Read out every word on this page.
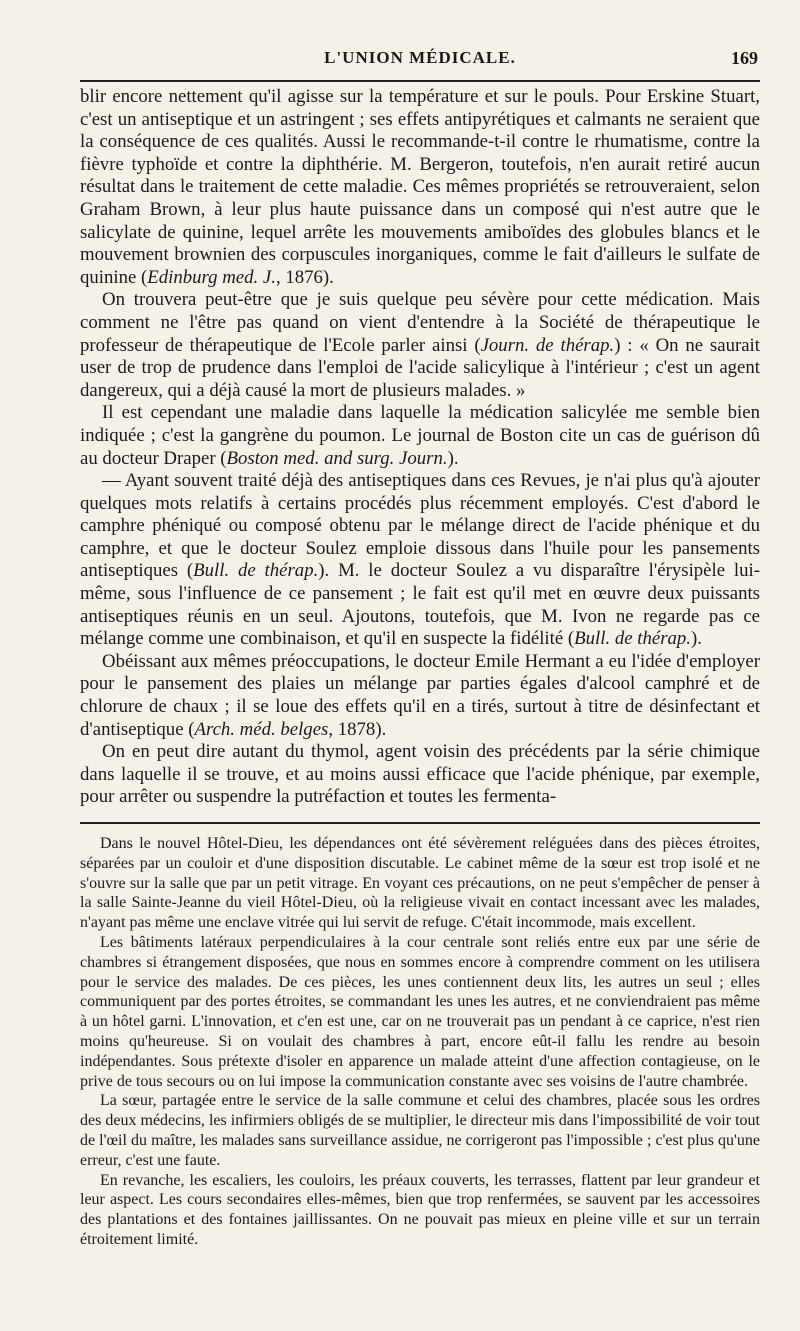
L'UNION MÉDICALE.	169

blir encore nettement qu'il agisse sur la température et sur le pouls. Pour Erskine Stuart, c'est un antiseptique et un astringent ; ses effets antipyrétiques et calmants ne seraient que la conséquence de ces qualités. Aussi le recommande-t-il contre le rhumatisme, contre la fièvre typhoïde et contre la diphthérie. M. Bergeron, toutefois, n'en aurait retiré aucun résultat dans le traitement de cette maladie. Ces mêmes propriétés se retrouveraient, selon Graham Brown, à leur plus haute puissance dans un composé qui n'est autre que le salicylate de quinine, lequel arrête les mouvements amiboïdes des globules blancs et le mouvement brownien des corpuscules inorganiques, comme le fait d'ailleurs le sulfate de quinine (Edinburg med. J., 1876).

On trouvera peut-être que je suis quelque peu sévère pour cette médication. Mais comment ne l'être pas quand on vient d'entendre à la Société de thérapeutique le professeur de thérapeutique de l'Ecole parler ainsi (Journ. de thérap.) : « On ne saurait user de trop de prudence dans l'emploi de l'acide salicylique à l'intérieur ; c'est un agent dangereux, qui a déjà causé la mort de plusieurs malades. »

Il est cependant une maladie dans laquelle la médication salicylée me semble bien indiquée ; c'est la gangrène du poumon. Le journal de Boston cite un cas de guérison dû au docteur Draper (Boston med. and surg. Journ.).

— Ayant souvent traité déjà des antiseptiques dans ces Revues, je n'ai plus qu'à ajouter quelques mots relatifs à certains procédés plus récemment employés. C'est d'abord le camphre phéniqué ou composé obtenu par le mélange direct de l'acide phénique et du camphre, et que le docteur Soulez emploie dissous dans l'huile pour les pansements antiseptiques (Bull. de thérap.). M. le docteur Soulez a vu disparaître l'érysipèle lui-même, sous l'influence de ce pansement ; le fait est qu'il met en œuvre deux puissants antiseptiques réunis en un seul. Ajoutons, toutefois, que M. Ivon ne regarde pas ce mélange comme une combinaison, et qu'il en suspecte la fidélité (Bull. de thérap.).

Obéissant aux mêmes préoccupations, le docteur Emile Hermant a eu l'idée d'employer pour le pansement des plaies un mélange par parties égales d'alcool camphré et de chlorure de chaux ; il se loue des effets qu'il en a tirés, surtout à titre de désinfectant et d'antiseptique (Arch. méd. belges, 1878).

On en peut dire autant du thymol, agent voisin des précédents par la série chimique dans laquelle il se trouve, et au moins aussi efficace que l'acide phénique, par exemple, pour arrêter ou suspendre la putréfaction et toutes les fermenta-

Dans le nouvel Hôtel-Dieu, les dépendances ont été sévèrement reléguées dans des pièces étroites, séparées par un couloir et d'une disposition discutable. Le cabinet même de la sœur est trop isolé et ne s'ouvre sur la salle que par un petit vitrage. En voyant ces précautions, on ne peut s'empêcher de penser à la salle Sainte-Jeanne du vieil Hôtel-Dieu, où la religieuse vivait en contact incessant avec les malades, n'ayant pas même une enclave vitrée qui lui servit de refuge. C'était incommode, mais excellent.

Les bâtiments latéraux perpendiculaires à la cour centrale sont reliés entre eux par une série de chambres si étrangement disposées, que nous en sommes encore à comprendre comment on les utilisera pour le service des malades. De ces pièces, les unes contiennent deux lits, les autres un seul ; elles communiquent par des portes étroites, se commandant les unes les autres, et ne conviendraient pas même à un hôtel garni. L'innovation, et c'en est une, car on ne trouverait pas un pendant à ce caprice, n'est rien moins qu'heureuse. Si on voulait des chambres à part, encore eût-il fallu les rendre au besoin indépendantes. Sous prétexte d'isoler en apparence un malade atteint d'une affection contagieuse, on le prive de tous secours ou on lui impose la communication constante avec ses voisins de l'autre chambrée.

La sœur, partagée entre le service de la salle commune et celui des chambres, placée sous les ordres des deux médecins, les infirmiers obligés de se multiplier, le directeur mis dans l'impossibilité de voir tout de l'œil du maître, les malades sans surveillance assidue, ne corrigeront pas l'impossible ; c'est plus qu'une erreur, c'est une faute.

En revanche, les escaliers, les couloirs, les préaux couverts, les terrasses, flattent par leur grandeur et leur aspect. Les cours secondaires elles-mêmes, bien que trop renfermées, se sauvent par les accessoires des plantations et des fontaines jaillissantes. On ne pouvait pas mieux en pleine ville et sur un terrain étroitement limité.
